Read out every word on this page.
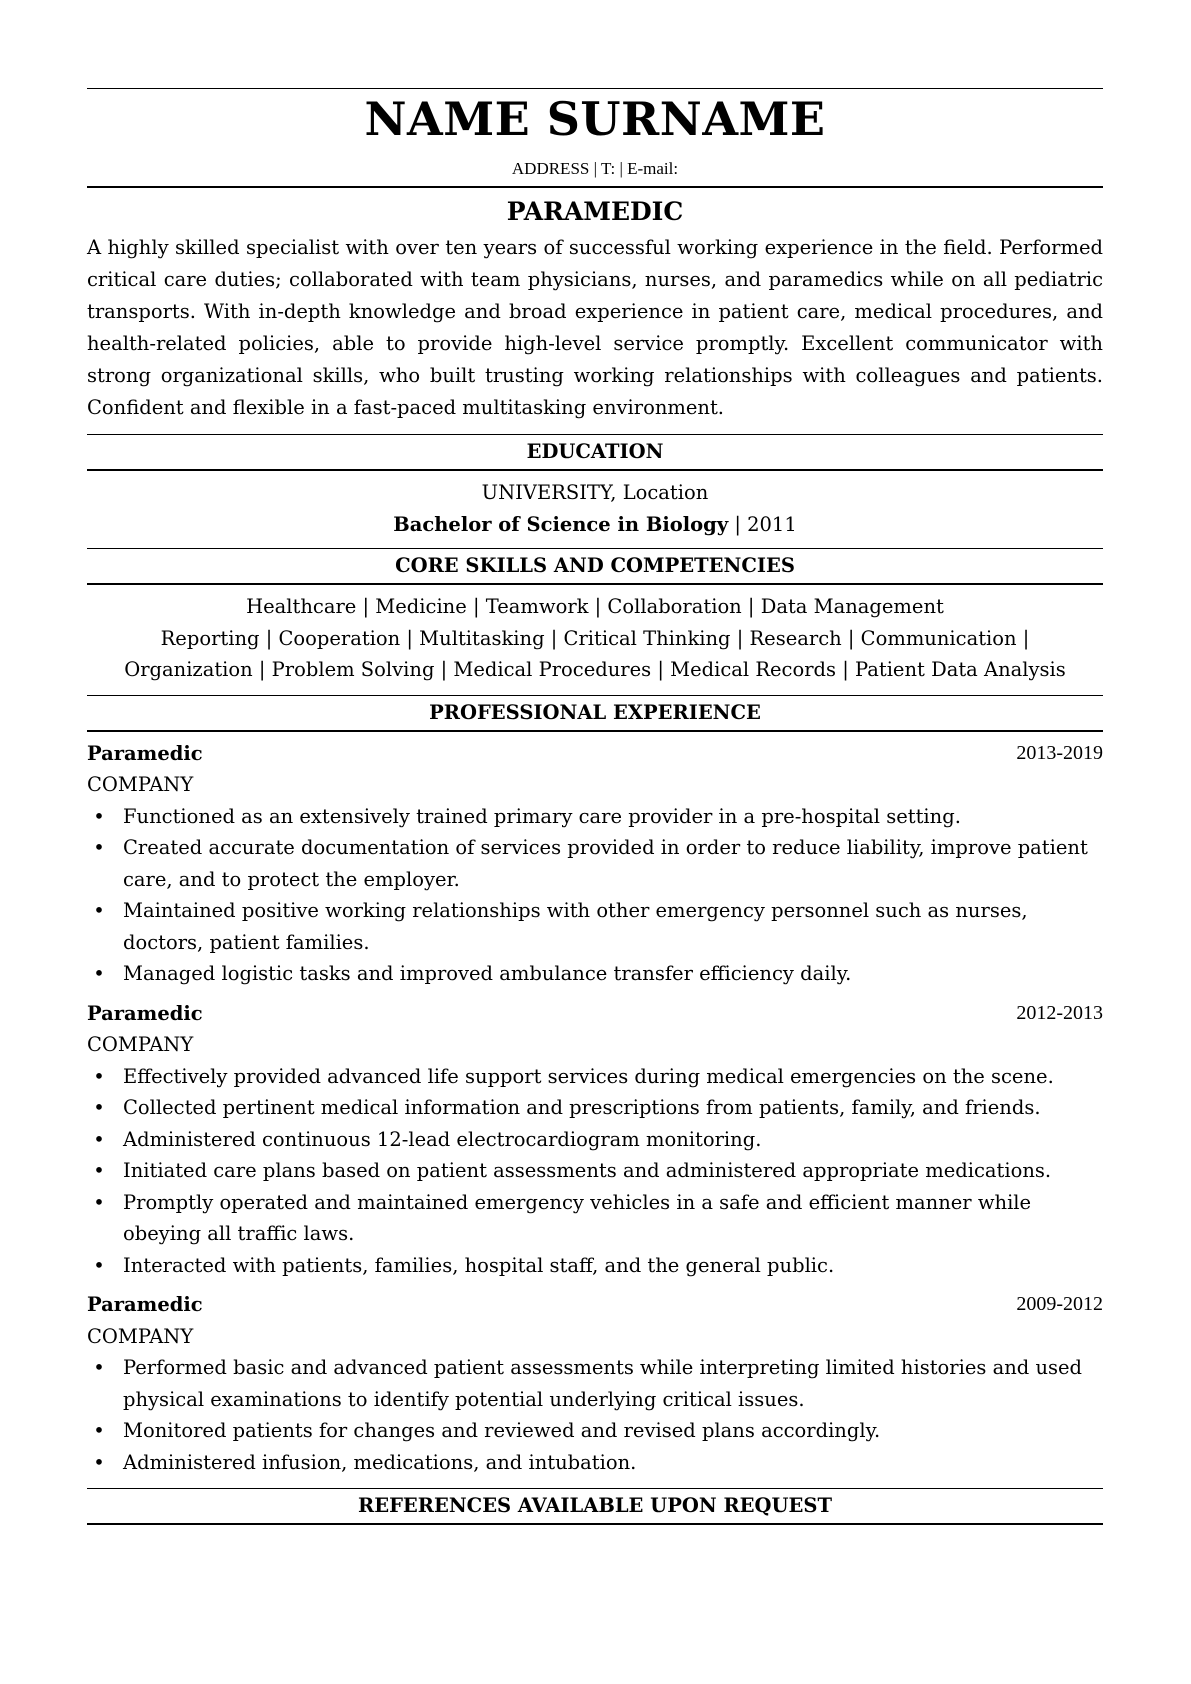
NAME SURNAME
ADDRESS | T: | E-mail:
PARAMEDIC
A highly skilled specialist with over ten years of successful working experience in the field. Performed critical care duties; collaborated with team physicians, nurses, and paramedics while on all pediatric transports. With in-depth knowledge and broad experience in patient care, medical procedures, and health-related policies, able to provide high-level service promptly. Excellent communicator with strong organizational skills, who built trusting working relationships with colleagues and patients. Confident and flexible in a fast-paced multitasking environment.
EDUCATION
UNIVERSITY, Location
Bachelor of Science in Biology | 2011
CORE SKILLS AND COMPETENCIES
Healthcare | Medicine | Teamwork | Collaboration | Data Management
Reporting | Cooperation | Multitasking | Critical Thinking | Research | Communication |
Organization | Problem Solving | Medical Procedures | Medical Records | Patient Data Analysis
PROFESSIONAL EXPERIENCE
Paramedic	2013-2019
COMPANY
• Functioned as an extensively trained primary care provider in a pre-hospital setting.
• Created accurate documentation of services provided in order to reduce liability, improve patient care, and to protect the employer.
• Maintained positive working relationships with other emergency personnel such as nurses, doctors, patient families.
• Managed logistic tasks and improved ambulance transfer efficiency daily.
Paramedic	2012-2013
COMPANY
• Effectively provided advanced life support services during medical emergencies on the scene.
• Collected pertinent medical information and prescriptions from patients, family, and friends.
• Administered continuous 12-lead electrocardiogram monitoring.
• Initiated care plans based on patient assessments and administered appropriate medications.
• Promptly operated and maintained emergency vehicles in a safe and efficient manner while obeying all traffic laws.
• Interacted with patients, families, hospital staff, and the general public.
Paramedic	2009-2012
COMPANY
• Performed basic and advanced patient assessments while interpreting limited histories and used physical examinations to identify potential underlying critical issues.
• Monitored patients for changes and reviewed and revised plans accordingly.
• Administered infusion, medications, and intubation.
REFERENCES AVAILABLE UPON REQUEST
